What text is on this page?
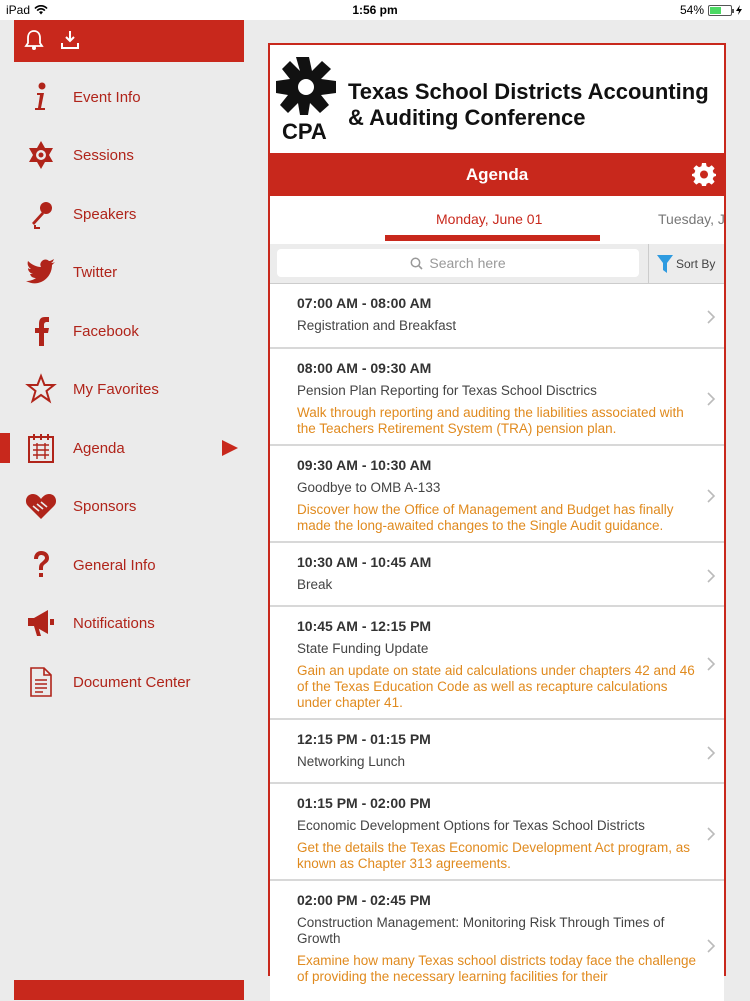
iPad	1:56 pm	54%
Event Info
Sessions
Speakers
Twitter
Facebook
My Favorites
Agenda
Sponsors
General Info
Notifications
Document Center
CPA
Texas School Districts Accounting
& Auditing Conference
Agenda
Monday, June 01	Tuesday, J
Search here	Sort By
07:00 AM - 08:00 AM
Registration and Breakfast
08:00 AM - 09:30 AM
Pension Plan Reporting for Texas School Disctrics
Walk through reporting and auditing the liabilities associated with the Teachers Retirement System (TRA) pension plan.
09:30 AM - 10:30 AM
Goodbye to OMB A-133
Discover how the Office of Management and Budget has finally made the long-awaited changes to the Single Audit guidance.
10:30 AM - 10:45 AM
Break
10:45 AM - 12:15 PM
State Funding Update
Gain an update on state aid calculations under chapters 42 and 46 of the Texas Education Code as well as recapture calculations under chapter 41.
12:15 PM - 01:15 PM
Networking Lunch
01:15 PM - 02:00 PM
Economic Development Options for Texas School Districts
Get the details the Texas Economic Development Act program, as known as Chapter 313 agreements.
02:00 PM - 02:45 PM
Construction Management: Monitoring Risk Through Times of Growth
Examine how many Texas school districts today face the challenge of providing the necessary learning facilities for their
